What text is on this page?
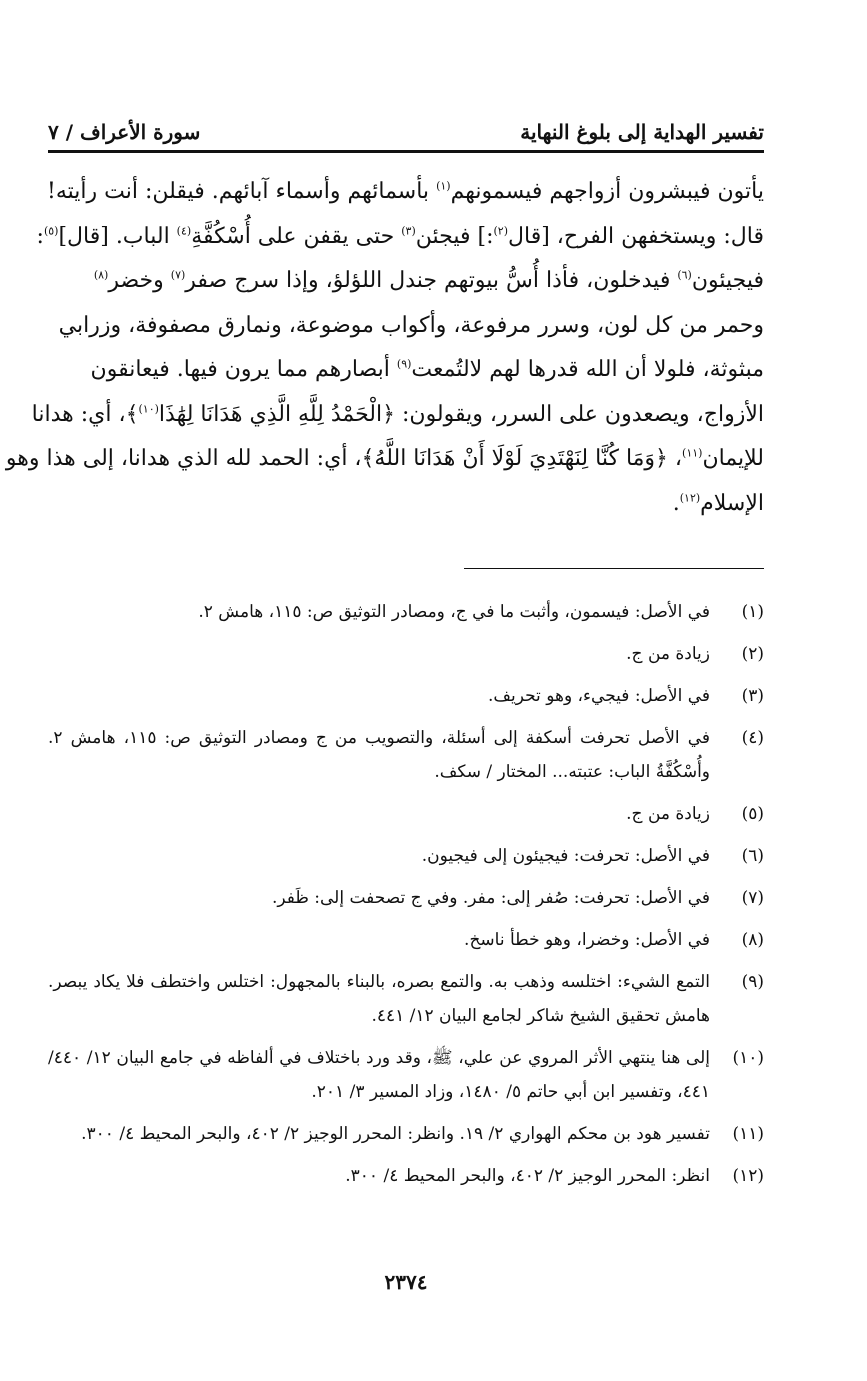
تفسير الهداية إلى بلوغ النهاية
سورة الأعراف / ٧
يأتون فيبشرون أزواجهم فيسمونهم$^{(١)}$ بأسمائهم وأسماء آبائهم. فيقلن: أنت رأيته!
قال: ويستخفهن الفرح، [قال$^{(٢)}$:] فيجئن$^{(٣)}$ حتى يقفن على أُسْكُفَّةِ$^{(٤)}$ الباب. [قال]$^{(٥)}$:
فيجيئون$^{(٦)}$ فيدخلون، فأذا أُسُّ بيوتهم جندل اللؤلؤ، وإذا سرج صفر$^{(٧)}$ وخضر$^{(٨)}$
وحمر من كل لون، وسرر مرفوعة، وأكواب موضوعة، ونمارق مصفوفة، وزرابي
مبثوثة، فلولا أن الله قدرها لهم لالتُمعت$^{(٩)}$ أبصارهم مما يرون فيها. فيعانقون
الأزواج، ويصعدون على السرر، ويقولون: ﴿الْحَمْدُ لِلَّهِ الَّذِي هَدَانَا لِهَٰذَا$^{(١٠)}$﴾، أي: هدانا
للإيمان$^{(١١)}$، ﴿وَمَا كُنَّا لِنَهْتَدِيَ لَوْلَا أَنْ هَدَانَا اللَّهُ﴾، أي: الحمد لله الذي هدانا، إلى هذا وهو
الإسلام$^{(١٢)}$.
(١)
في الأصل: فيسمون، وأثبت ما في ج، ومصادر التوثيق ص: ١١٥، هامش ٢.
(٢)
زيادة من ج.
(٣)
في الأصل: فيجيء، وهو تحريف.
(٤)
في الأصل تحرفت أسكفة إلى أسئلة، والتصويب من ج ومصادر التوثيق ص: ١١٥، هامش ٢. وأُسْكُفَّةُ الباب: عتبته... المختار / سكف.
(٥)
زيادة من ج.
(٦)
في الأصل: تحرفت: فيجيئون إلى فيجيون.
(٧)
في الأصل: تحرفت: صُفر إلى: مفر. وفي ج تصحفت إلى: ظَفر.
(٨)
في الأصل: وخضرا، وهو خطأ ناسخ.
(٩)
التمع الشيء: اختلسه وذهب به. والتمع بصره، بالبناء بالمجهول: اختلس واختطف فلا يكاد يبصر. هامش تحقيق الشيخ شاكر لجامع البيان ١٢/ ٤٤١.
(١٠)
إلى هنا ينتهي الأثر المروي عن علي، ﷺ، وقد ورد باختلاف في ألفاظه في جامع البيان ١٢/ ٤٤٠/ ٤٤١، وتفسير ابن أبي حاتم ٥/ ١٤٨٠، وزاد المسير ٣/ ٢٠١.
(١١)
تفسير هود بن محكم الهواري ٢/ ١٩. وانظر: المحرر الوجيز ٢/ ٤٠٢، والبحر المحيط ٤/ ٣٠٠.
(١٢)
انظر: المحرر الوجيز ٢/ ٤٠٢، والبحر المحيط ٤/ ٣٠٠.
٢٣٧٤
